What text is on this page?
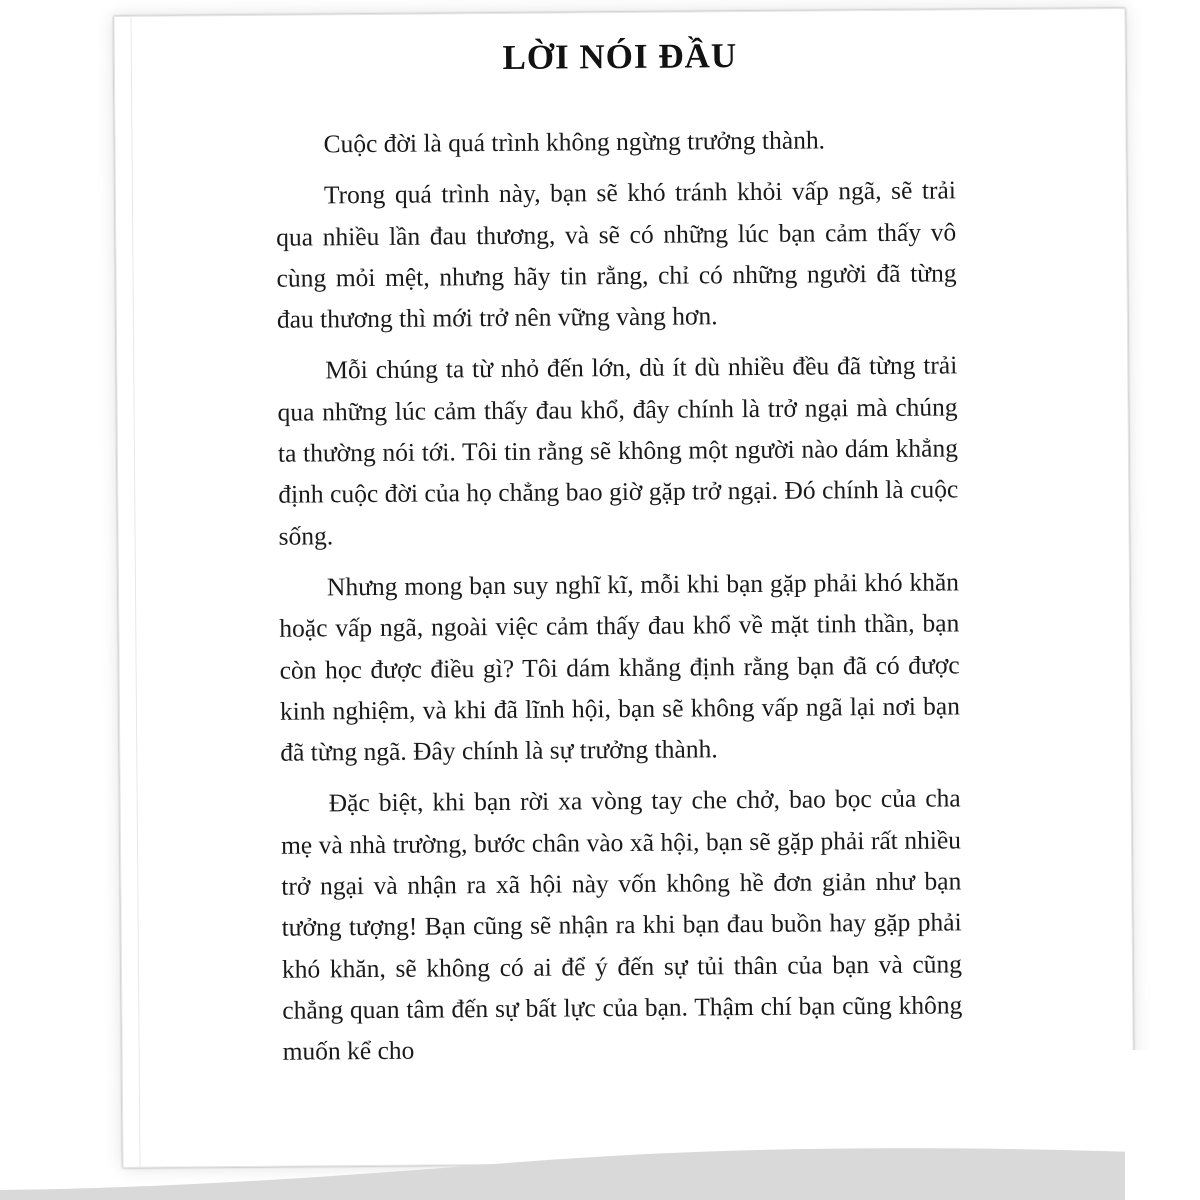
LỜI NÓI ĐẦU

Cuộc đời là quá trình không ngừng trưởng thành.

Trong quá trình này, bạn sẽ khó tránh khỏi vấp ngã, sẽ trải qua nhiều lần đau thương, và sẽ có những lúc bạn cảm thấy vô cùng mỏi mệt, nhưng hãy tin rằng, chỉ có những người đã từng đau thương thì mới trở nên vững vàng hơn.

Mỗi chúng ta từ nhỏ đến lớn, dù ít dù nhiều đều đã từng trải qua những lúc cảm thấy đau khổ, đây chính là trở ngại mà chúng ta thường nói tới. Tôi tin rằng sẽ không một người nào dám khẳng định cuộc đời của họ chẳng bao giờ gặp trở ngại. Đó chính là cuộc sống.

Nhưng mong bạn suy nghĩ kĩ, mỗi khi bạn gặp phải khó khăn hoặc vấp ngã, ngoài việc cảm thấy đau khổ về mặt tinh thần, bạn còn học được điều gì? Tôi dám khẳng định rằng bạn đã có được kinh nghiệm, và khi đã lĩnh hội, bạn sẽ không vấp ngã lại nơi bạn đã từng ngã. Đây chính là sự trưởng thành.

Đặc biệt, khi bạn rời xa vòng tay che chở, bao bọc của cha mẹ và nhà trường, bước chân vào xã hội, bạn sẽ gặp phải rất nhiều trở ngại và nhận ra xã hội này vốn không hề đơn giản như bạn tưởng tượng! Bạn cũng sẽ nhận ra khi bạn đau buồn hay gặp phải khó khăn, sẽ không có ai để ý đến sự tủi thân của bạn và cũng chẳng quan tâm đến sự bất lực của bạn. Thậm chí bạn cũng không muốn kể cho
